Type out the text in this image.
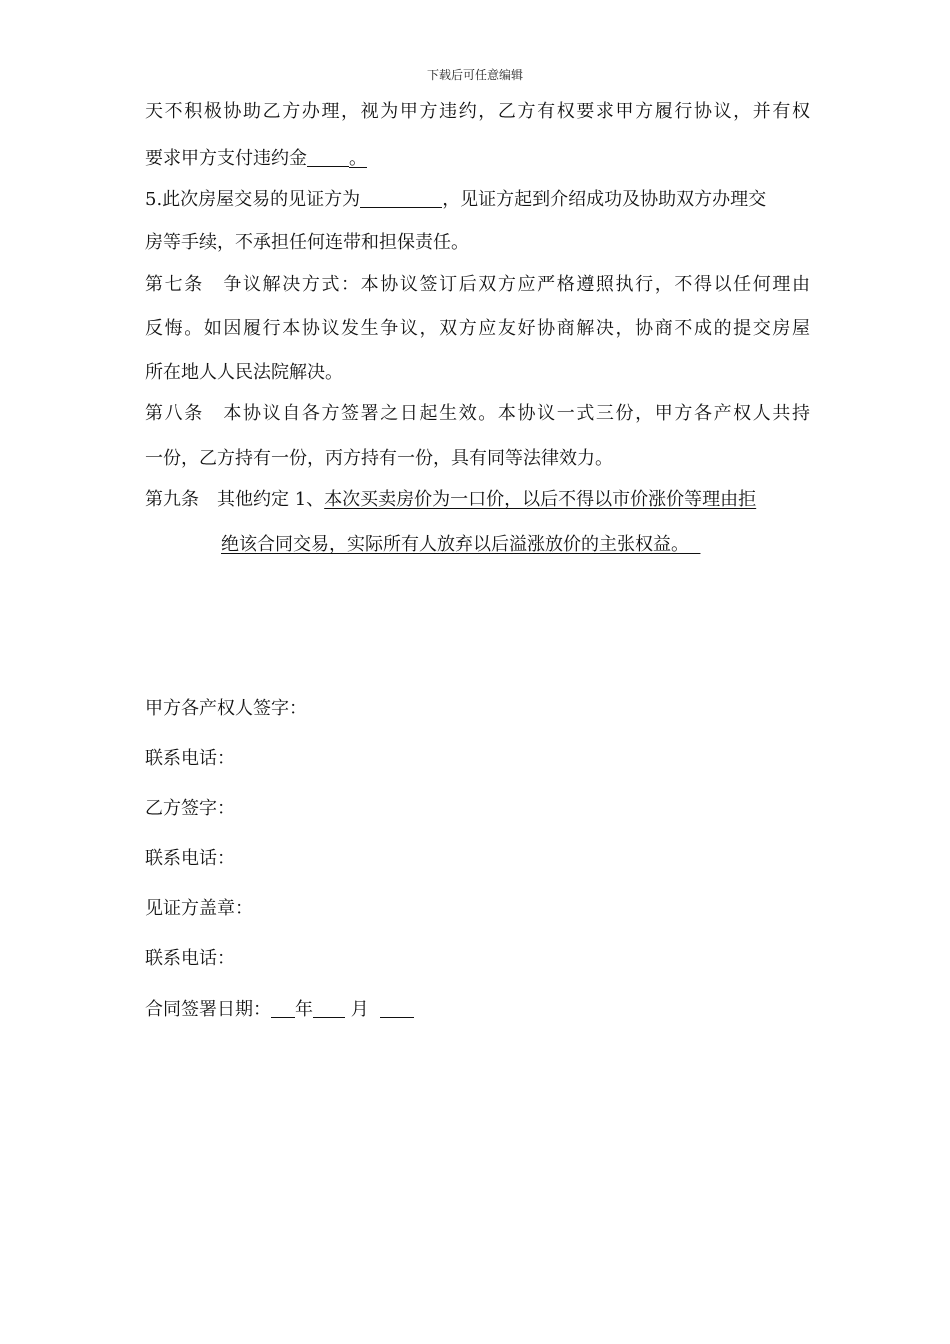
下载后可任意编辑
天不积极协助乙方办理，视为甲方违约，乙方有权要求甲方履行协议，并有权
要求甲方支付违约金 。
5.此次房屋交易的见证方为	，见证方起到介绍成功及协助双方办理交
房等手续，不承担任何连带和担保责任。
第七条　争议解决方式：本协议签订后双方应严格遵照执行，不得以任何理由
反悔。如因履行本协议发生争议，双方应友好协商解决，协商不成的提交房屋
所在地人人民法院解决。
第八条　本协议自各方签署之日起生效。本协议一式三份，甲方各产权人共持
一份，乙方持有一份，丙方持有一份，具有同等法律效力。
第九条　其他约定 1、本次买卖房价为一口价，以后不得以市价涨价等理由拒
绝该合同交易，实际所有人放弃以后溢涨放价的主张权益。
甲方各产权人签字：
联系电话：
乙方签字：
联系电话：
见证方盖章：
联系电话：
合同签署日期： 年 月
